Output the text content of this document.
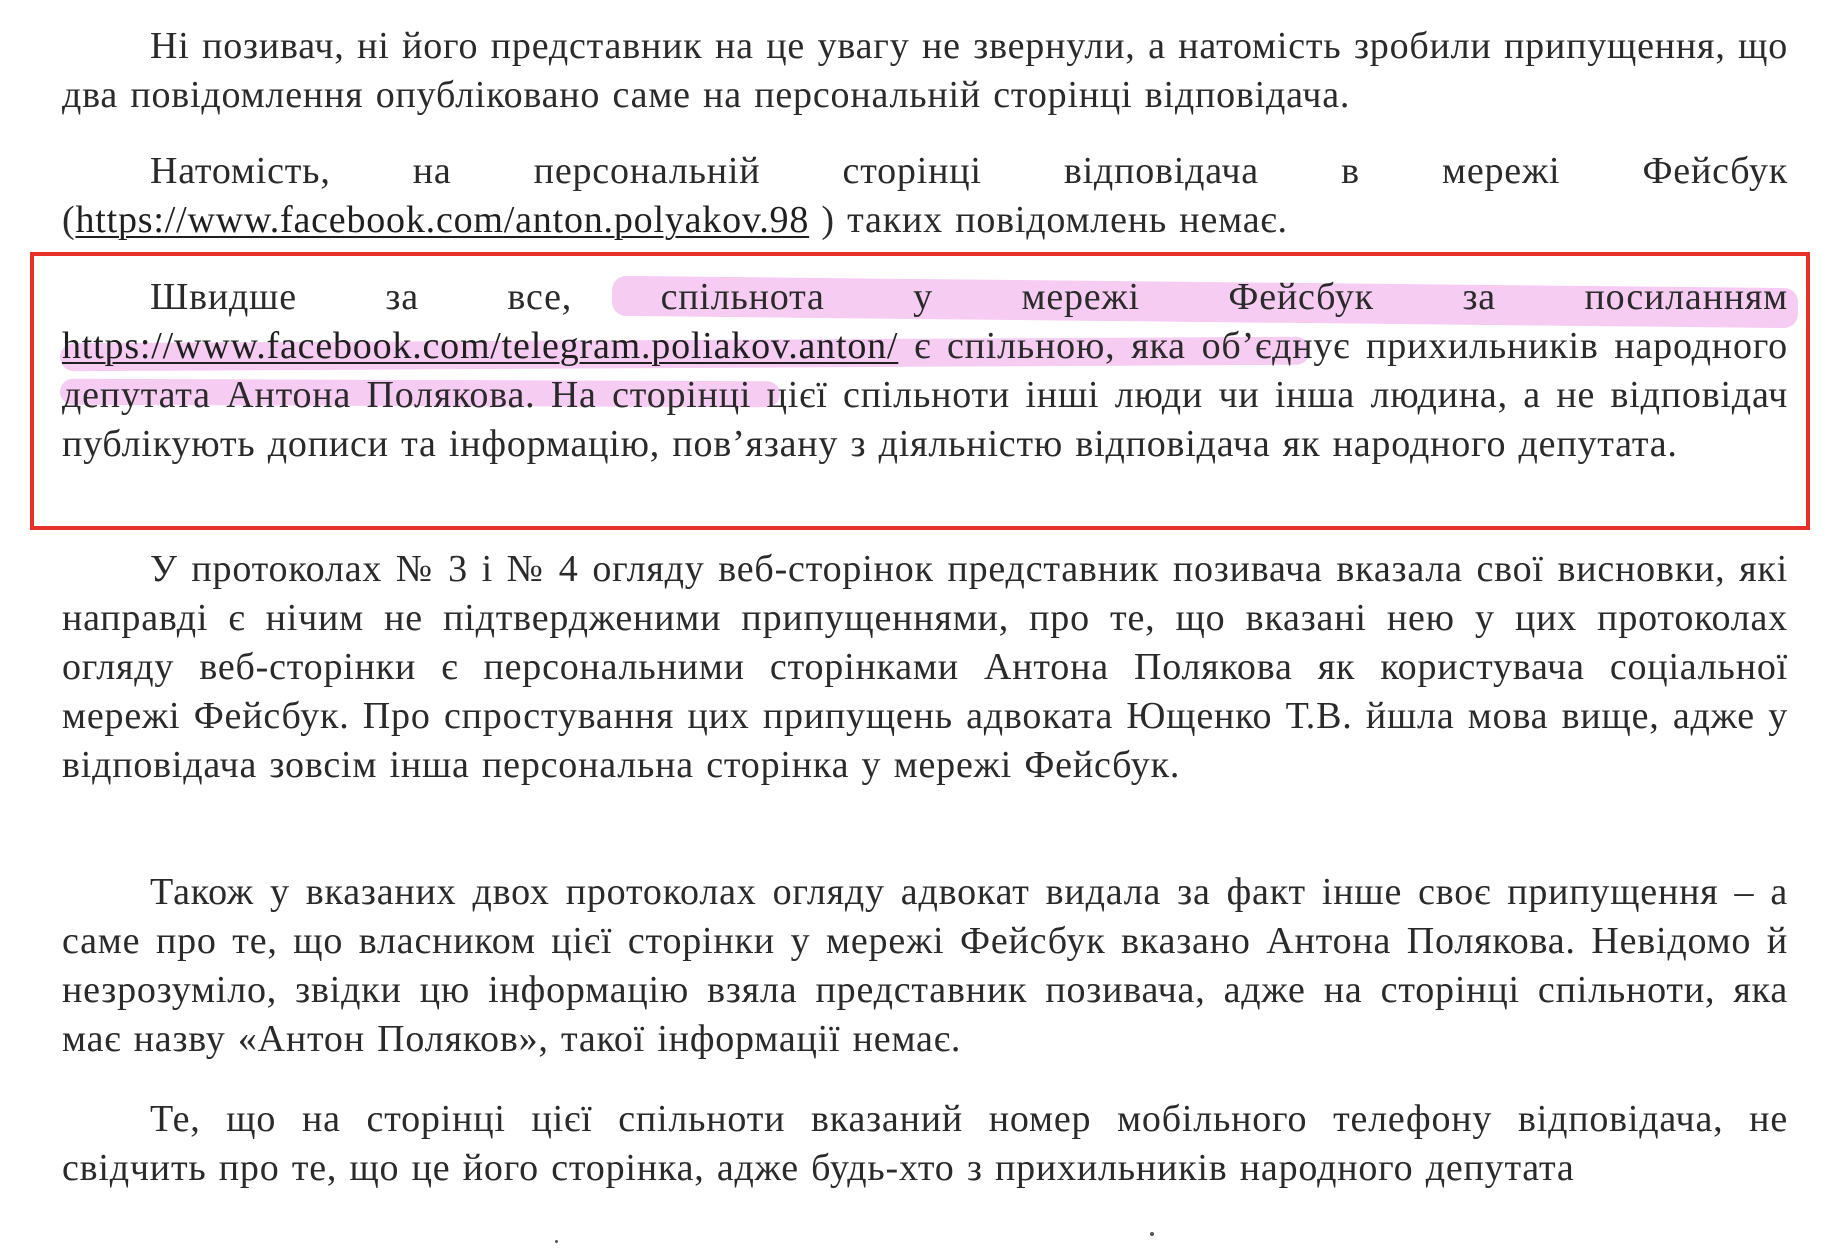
Ні позивач, ні його представник на це увагу не звернули, а натомість зробили припущення, що два повідомлення опубліковано саме на персональній сторінці відповідача.

Натомість, на персональній сторінці відповідача в мережі Фейсбук (https://www.facebook.com/anton.polyakov.98 ) таких повідомлень немає.

Швидше за все, спільнота у мережі Фейсбук за посиланням https://www.facebook.com/telegram.poliakov.anton/ є спільною, яка об’єднує прихильників народного депутата Антона Полякова. На сторінці цієї спільноти інші люди чи інша людина, а не відповідач публікують дописи та інформацію, пов’язану з діяльністю відповідача як народного депутата.

У протоколах № 3 і № 4 огляду веб-сторінок представник позивача вказала свої висновки, які направді є нічим не підтвердженими припущеннями, про те, що вказані нею у цих протоколах огляду веб-сторінки є персональними сторінками Антона Полякова як користувача соціальної мережі Фейсбук. Про спростування цих припущень адвоката Ющенко Т.В. йшла мова вище, адже у відповідача зовсім інша персональна сторінка у мережі Фейсбук.

Також у вказаних двох протоколах огляду адвокат видала за факт інше своє припущення – а саме про те, що власником цієї сторінки у мережі Фейсбук вказано Антона Полякова. Невідомо й незрозуміло, звідки цю інформацію взяла представник позивача, адже на сторінці спільноти, яка має назву «Антон Поляков», такої інформації немає.

Те, що на сторінці цієї спільноти вказаний номер мобільного телефону відповідача, не свідчить про те, що це його сторінка, адже будь-хто з прихильників народного депутата
